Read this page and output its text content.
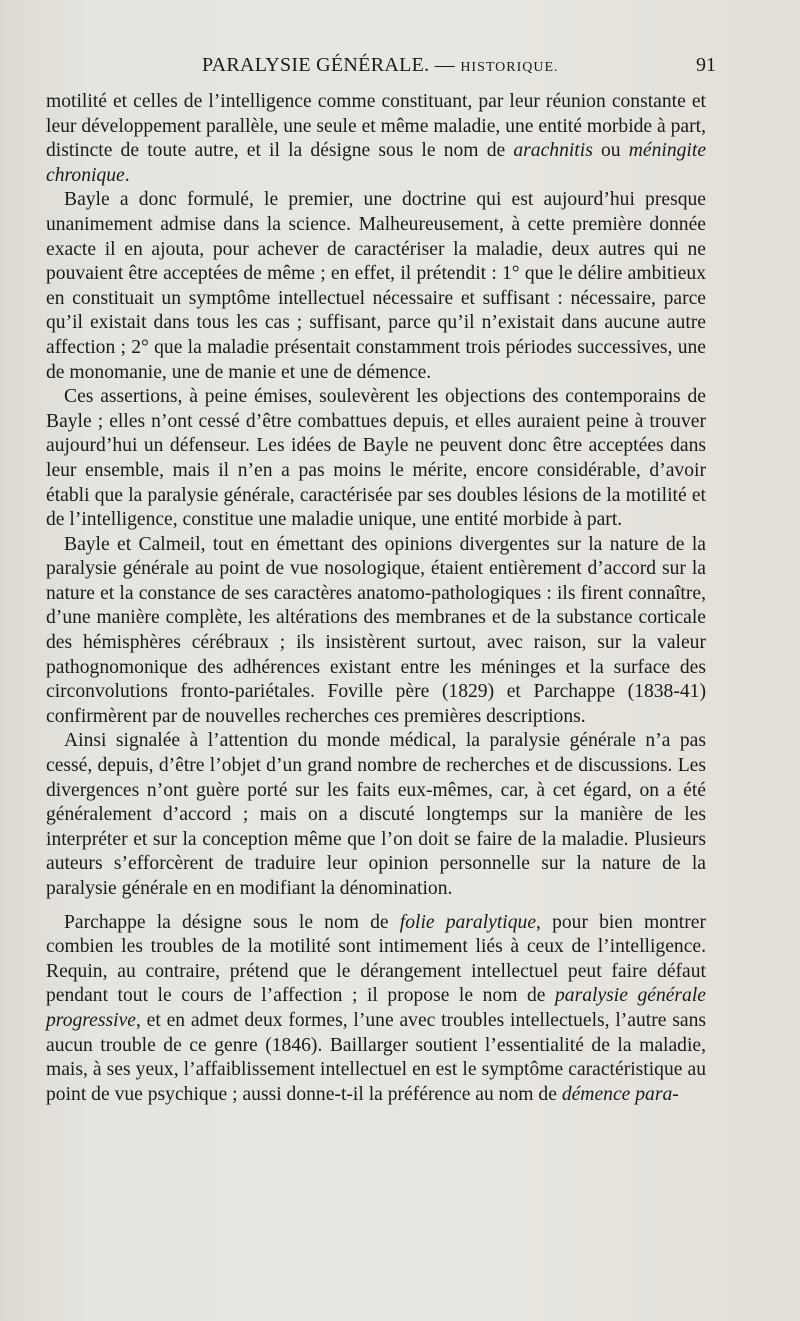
PARALYSIE GÉNÉRALE. — HISTORIQUE.	91

motilité et celles de l’intelligence comme constituant, par leur réunion constante et leur développement parallèle, une seule et même maladie, une entité morbide à part, distincte de toute autre, et il la désigne sous le nom de arachnitis ou méningite chronique.

Bayle a donc formulé, le premier, une doctrine qui est aujourd’hui presque unanimement admise dans la science. Malheureusement, à cette première donnée exacte il en ajouta, pour achever de caractériser la maladie, deux autres qui ne pouvaient être acceptées de même ; en effet, il prétendit : 1° que le délire ambitieux en constituait un symptôme intellectuel nécessaire et suffisant : nécessaire, parce qu’il existait dans tous les cas ; suffisant, parce qu’il n’existait dans aucune autre affection ; 2° que la maladie présentait constamment trois périodes successives, une de monomanie, une de manie et une de démence.

Ces assertions, à peine émises, soulevèrent les objections des contemporains de Bayle ; elles n’ont cessé d’être combattues depuis, et elles auraient peine à trouver aujourd’hui un défenseur. Les idées de Bayle ne peuvent donc être acceptées dans leur ensemble, mais il n’en a pas moins le mérite, encore considérable, d’avoir établi que la paralysie générale, caractérisée par ses doubles lésions de la motilité et de l’intelligence, constitue une maladie unique, une entité morbide à part.

Bayle et Calmeil, tout en émettant des opinions divergentes sur la nature de la paralysie générale au point de vue nosologique, étaient entièrement d’accord sur la nature et la constance de ses caractères anatomo-pathologiques : ils firent connaître, d’une manière complète, les altérations des membranes et de la substance corticale des hémisphères cérébraux ; ils insistèrent surtout, avec raison, sur la valeur pathognomonique des adhérences existant entre les méninges et la surface des circonvolutions fronto-pariétales. Foville père (1829) et Parchappe (1838-41) confirmèrent par de nouvelles recherches ces premières descriptions.

Ainsi signalée à l’attention du monde médical, la paralysie générale n’a pas cessé, depuis, d’être l’objet d’un grand nombre de recherches et de discussions. Les divergences n’ont guère porté sur les faits eux-mêmes, car, à cet égard, on a été généralement d’accord ; mais on a discuté longtemps sur la manière de les interpréter et sur la conception même que l’on doit se faire de la maladie. Plusieurs auteurs s’efforcèrent de traduire leur opinion personnelle sur la nature de la paralysie générale en en modifiant la dénomination.

Parchappe la désigne sous le nom de folie paralytique, pour bien montrer combien les troubles de la motilité sont intimement liés à ceux de l’intelligence. Requin, au contraire, prétend que le dérangement intellectuel peut faire défaut pendant tout le cours de l’affection ; il propose le nom de paralysie générale progressive, et en admet deux formes, l’une avec troubles intellectuels, l’autre sans aucun trouble de ce genre (1846). Baillarger soutient l’essentialité de la maladie, mais, à ses yeux, l’affaiblissement intellectuel en est le symptôme caractéristique au point de vue psychique ; aussi donne-t-il la préférence au nom de démence para-
